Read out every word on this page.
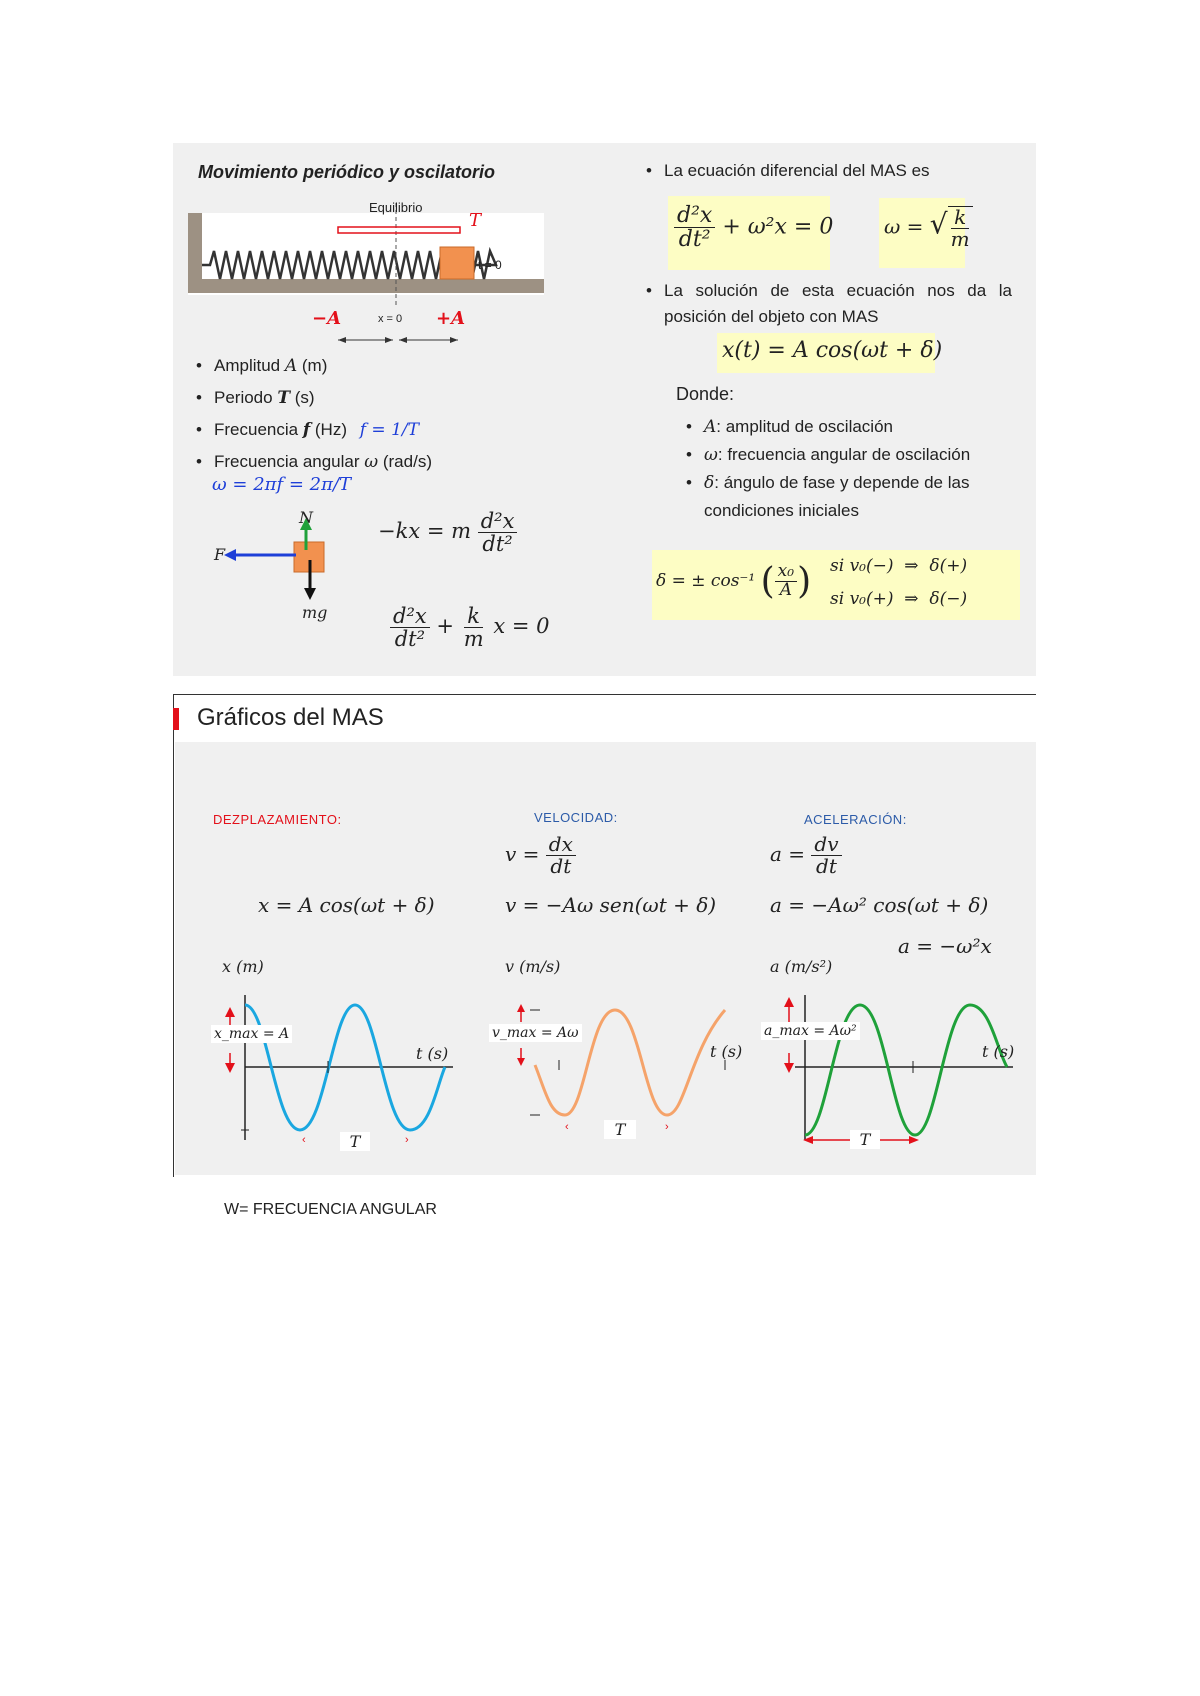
Movimiento periódico y oscilatorio
Equilibrio
T
t = 0
−A	x = 0 +A
• Amplitud A (m)
• Periodo T (s)
• Frecuencia f (Hz) f = 1/T
• Frecuencia angular ω (rad/s)
ω = 2πf = 2π/T
N
F
mg
−kx = m $\frac{\text{d²x}}{\text{dt²}}$
$\frac{\text{d²x}}{\text{dt²}} + \frac{k}{m}$ x = 0
• La ecuación diferencial del MAS es
$\frac{\text{d²x}}{\text{dt²}} + \omega^2x = 0$	ω = √ $\frac{k}{m}$
• La solución de esta ecuación nos da la posición del objeto con MAS
x(t) = A cos(ωt + δ)
Donde:
• A: amplitud de oscilación
• ω: frecuencia angular de oscilación
• δ: ángulo de fase y depende de las condiciones iniciales
δ = ± cos⁻¹ ( $\frac{\text{x₀}}{A}$ ) si v₀(−)  ⇒  δ(+)
si v₀(+)  ⇒  δ(−)
Gráficos del MAS
DEZPLAZAMIENTO:	VELOCIDAD:	ACELERACIÓN:
x = A cos(ωt + δ)
$v = \frac{dx}{dt}$
v = −Aω sen(ωt + δ)
$a = \frac{dv}{dt}$
a = −Aω² cos(ωt + δ)
a = −ω²x
‹	›
x (m)
t (s)
x_max = A
T
‹	›
v (m/s)
t (s)
v_max = Aω
T
a (m/s²)
t (s)
a_max = Aω²
T
W= FRECUENCIA ANGULAR
